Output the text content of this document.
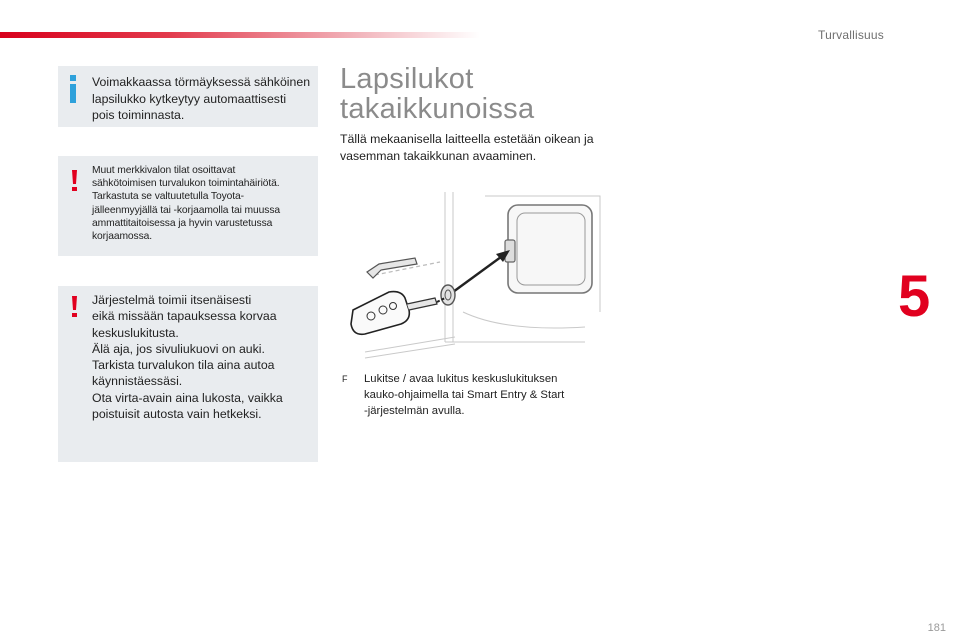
Turvallisuus
5
Voimakkaassa törmäyksessä sähköinen
lapsilukko kytkeytyy automaattisesti
pois toiminnasta.
Muut merkkivalon tilat osoittavat
sähkötoimisen turvalukon toimintahäiriötä.
Tarkastuta se valtuutetulla Toyota-
jälleenmyyjällä tai -korjaamolla tai muussa
ammattitaitoisessa ja hyvin varustetussa
korjaamossa.
Järjestelmä toimii itsenäisesti
eikä missään tapauksessa korvaa
keskuslukitusta.
Älä aja, jos sivuliukuovi on auki.
Tarkista turvalukon tila aina autoa
käynnistäessäsi.
Ota virta-avain aina lukosta, vaikka
poistuisit autosta vain hetkeksi.
Lapsilukot
takaikkunoissa
Tällä mekaanisella laitteella estetään oikean ja
vasemman takaikkunan avaaminen.
F Lukitse / avaa lukitus keskuslukituksen
kauko-ohjaimella tai Smart Entry & Start
-järjestelmän avulla.
181
